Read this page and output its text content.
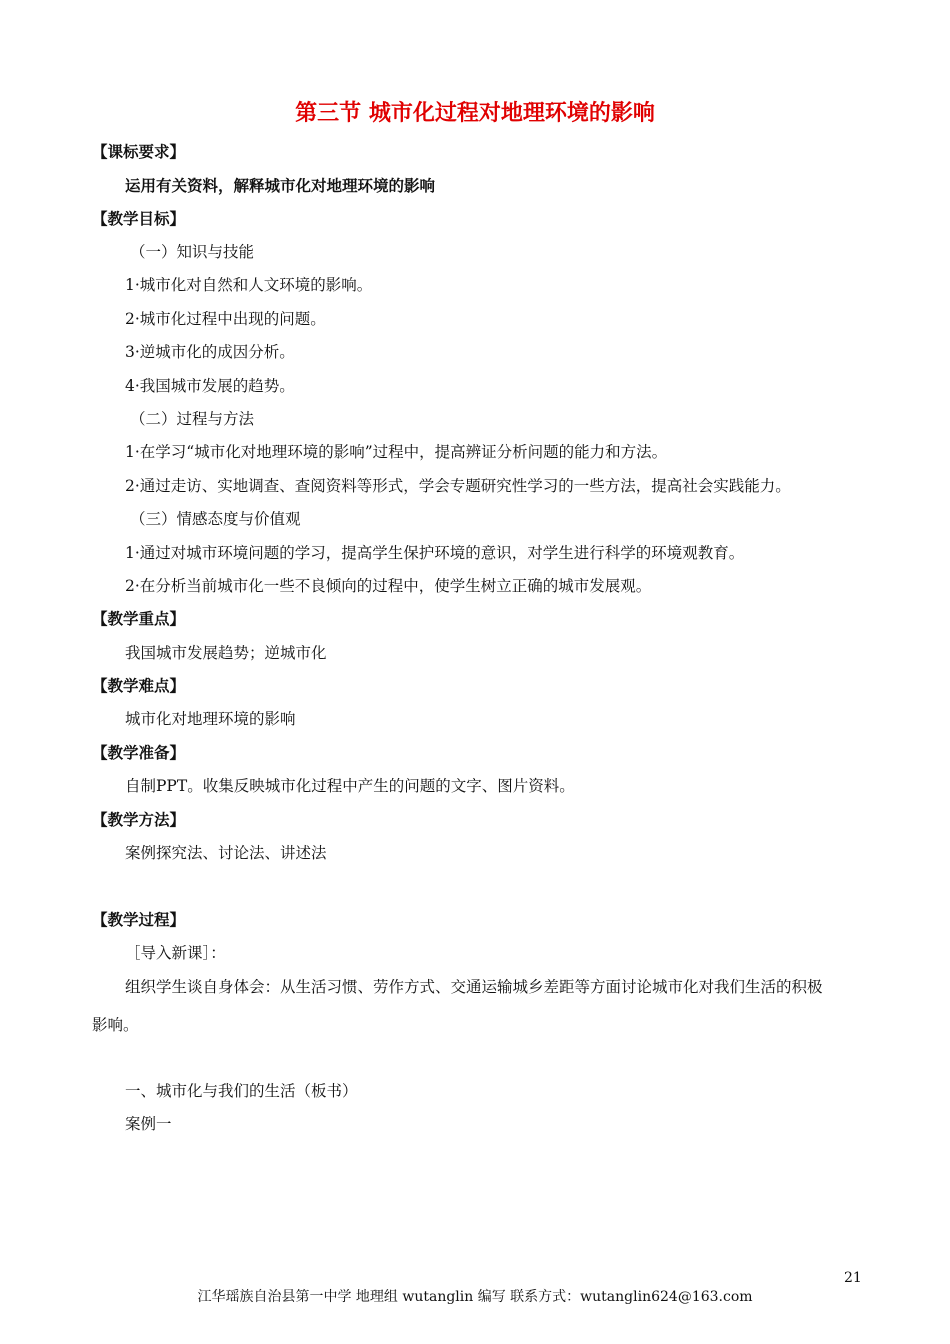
第三节 城市化过程对地理环境的影响
【课标要求】
运用有关资料，解释城市化对地理环境的影响
【教学目标】
（一）知识与技能
1·城市化对自然和人文环境的影响。
2·城市化过程中出现的问题。
3·逆城市化的成因分析。
4·我国城市发展的趋势。
（二）过程与方法
1·在学习“城市化对地理环境的影响”过程中，提高辨证分析问题的能力和方法。
2·通过走访、实地调查、查阅资料等形式，学会专题研究性学习的一些方法，提高社会实践能力。
（三）情感态度与价值观
1·通过对城市环境问题的学习，提高学生保护环境的意识，对学生进行科学的环境观教育。
2·在分析当前城市化一些不良倾向的过程中，使学生树立正确的城市发展观。
【教学重点】
我国城市发展趋势；逆城市化
【教学难点】
城市化对地理环境的影响
【教学准备】
自制PPT。收集反映城市化过程中产生的问题的文字、图片资料。
【教学方法】
案例探究法、讨论法、讲述法
【教学过程】
［导入新课］：
组织学生谈自身体会：从生活习惯、劳作方式、交通运输城乡差距等方面讨论城市化对我们生活的积极
影响。
一、城市化与我们的生活（板书）
案例一
21
江华瑶族自治县第一中学 地理组 wutanglin 编写 联系方式：wutanglin624@163.com
